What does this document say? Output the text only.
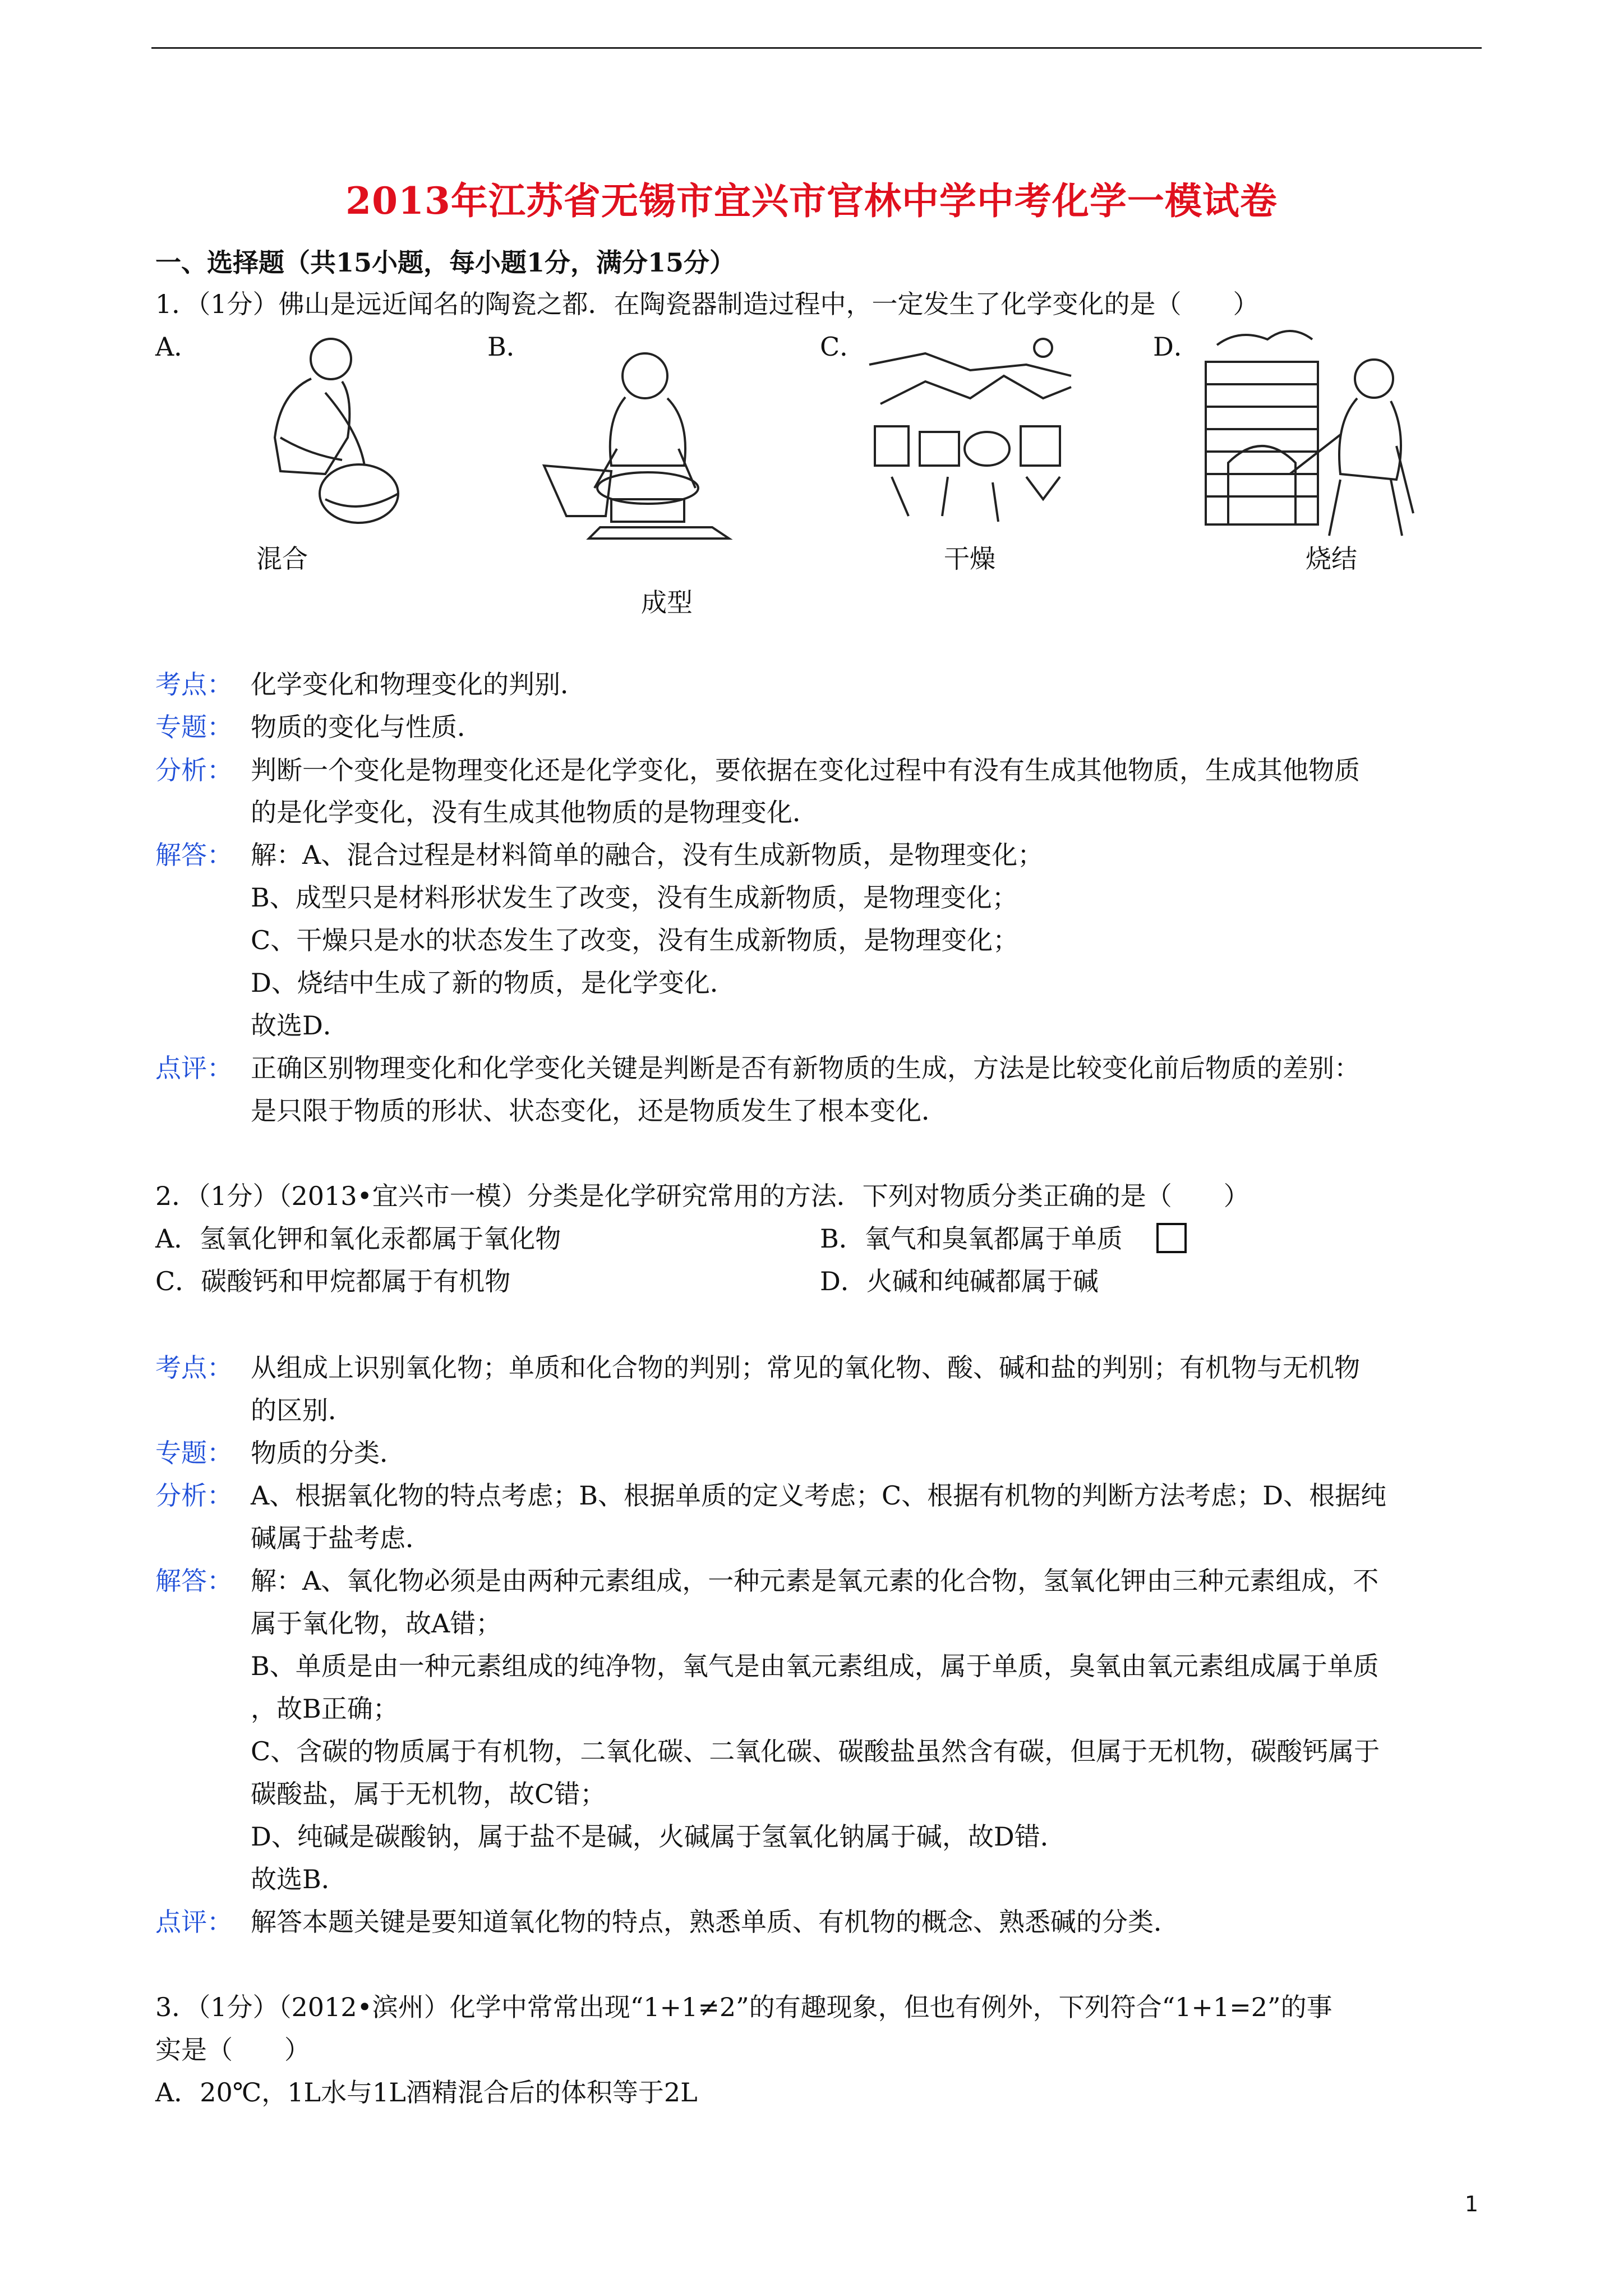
2013年江苏省无锡市宜兴市官林中学中考化学一模试卷
一、选择题（共15小题，每小题1分，满分15分）
1．（1分）佛山是远近闻名的陶瓷之都．在陶瓷器制造过程中，一定发生了化学变化的是（　　）
A．	B．	C．	D．
混合
成型
干燥	烧结
考点： 化学变化和物理变化的判别．
专题： 物质的变化与性质．
分析： 判断一个变化是物理变化还是化学变化，要依据在变化过程中有没有生成其他物质，生成其他物质
的是化学变化，没有生成其他物质的是物理变化．
解答： 解：A、混合过程是材料简单的融合，没有生成新物质，是物理变化；
B、成型只是材料形状发生了改变，没有生成新物质，是物理变化；
C、干燥只是水的状态发生了改变，没有生成新物质，是物理变化；
D、烧结中生成了新的物质，是化学变化．
故选D．
点评： 正确区别物理变化和化学变化关键是判断是否有新物质的生成，方法是比较变化前后物质的差别：
是只限于物质的形状、状态变化，还是物质发生了根本变化．
2．（1分）（2013•宜兴市一模）分类是化学研究常用的方法．下列对物质分类正确的是（　　）
A．氢氧化钾和氧化汞都属于氧化物	B．氧气和臭氧都属于单质
C．碳酸钙和甲烷都属于有机物	D．火碱和纯碱都属于碱
考点： 从组成上识别氧化物；单质和化合物的判别；常见的氧化物、酸、碱和盐的判别；有机物与无机物
的区别．
专题： 物质的分类．
分析： A、根据氧化物的特点考虑；B、根据单质的定义考虑；C、根据有机物的判断方法考虑；D、根据纯
碱属于盐考虑．
解答： 解：A、氧化物必须是由两种元素组成，一种元素是氧元素的化合物，氢氧化钾由三种元素组成，不
属于氧化物，故A错；
B、单质是由一种元素组成的纯净物，氧气是由氧元素组成，属于单质，臭氧由氧元素组成属于单质
，故B正确；
C、含碳的物质属于有机物，二氧化碳、二氧化碳、碳酸盐虽然含有碳，但属于无机物，碳酸钙属于
碳酸盐，属于无机物，故C错；
D、纯碱是碳酸钠，属于盐不是碱，火碱属于氢氧化钠属于碱，故D错．
故选B．
点评： 解答本题关键是要知道氧化物的特点，熟悉单质、有机物的概念、熟悉碱的分类．
3．（1分）（2012•滨州）化学中常常出现“1+1≠2”的有趣现象，但也有例外，下列符合“1+1=2”的事
实是（　　）
A．20℃，1L水与1L酒精混合后的体积等于2L
1
